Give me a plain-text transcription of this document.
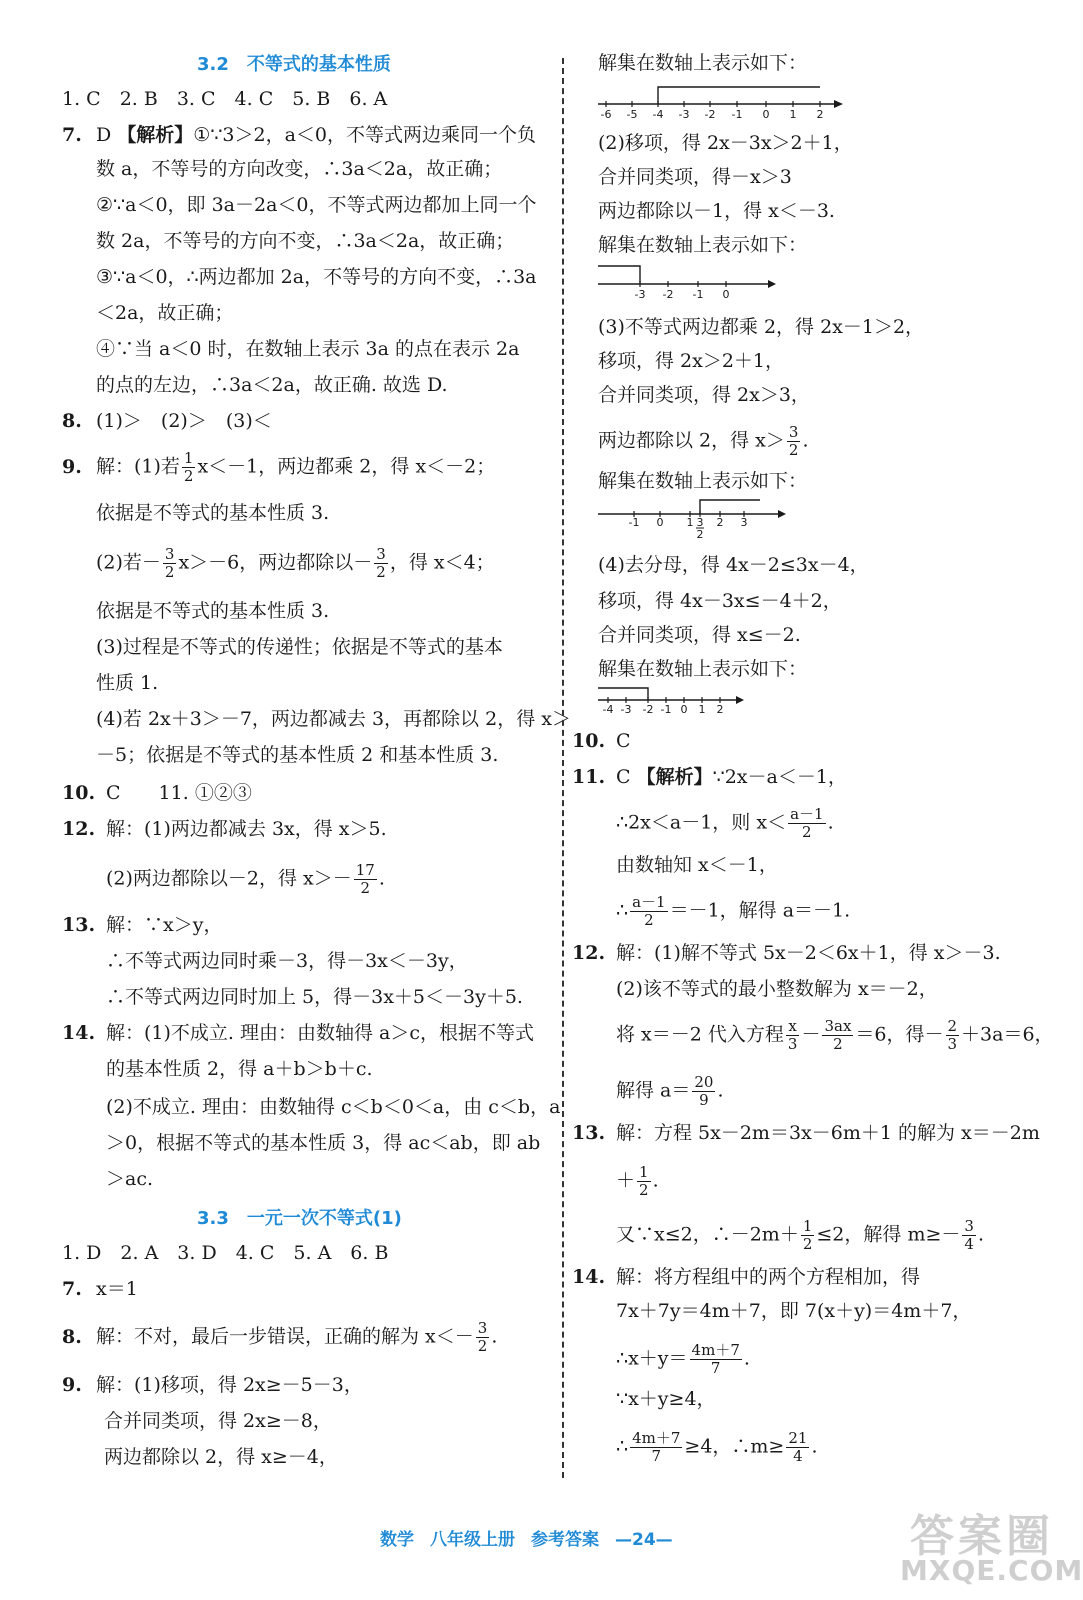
3.2　不等式的基本性质
1. C　2. B　3. C　4. C　5. B　6. A
7. D 【解析】①∵3＞2，a＜0，不等式两边乘同一个负
数 a，不等号的方向改变，∴3a＜2a，故正确；
②∵a＜0，即 3a－2a＜0，不等式两边都加上同一个
数 2a，不等号的方向不变，∴3a＜2a，故正确；
③∵a＜0，∴两边都加 2a，不等号的方向不变，∴3a
＜2a，故正确；
④∵当 a＜0 时，在数轴上表示 3a 的点在表示 2a
的点的左边，∴3a＜2a，故正确. 故选 D.
8. (1)＞　(2)＞　(3)＜
9. 解：(1)若 $\frac{1}{2} x<-1$，两边都乘 2，得 x＜－2；
依据是不等式的基本性质 3.
(2)若－ $\frac{3}{2} x>-6$，两边都除以－ $\frac{3}{2}$ ，得 x＜4；
依据是不等式的基本性质 3.
(3)过程是不等式的传递性；依据是不等式的基本
性质 1.
(4)若 2x＋3＞－7，两边都减去 3，再都除以 2，得 x＞
－5；依据是不等式的基本性质 2 和基本性质 3.
10. C　　11. ①②③
12. 解：(1)两边都减去 3x，得 x＞5.
(2)两边都除以－2，得 $x>- \frac{17}{2}$ .
13. 解：∵x＞y，
∴不等式两边同时乘－3，得－3x＜－3y，
∴不等式两边同时加上 5，得－3x＋5＜－3y＋5.
14. 解：(1)不成立. 理由：由数轴得 a＞c，根据不等式
的基本性质 2，得 a＋b＞b＋c.
(2)不成立. 理由：由数轴得 c＜b＜0＜a，由 c＜b，a
＞0，根据不等式的基本性质 3，得 ac＜ab，即 ab
＞ac.
3.3　一元一次不等式(1)
1. D　2. A　3. D　4. C　5. A　6. B
7. x＝1
8. 解：不对，最后一步错误，正确的解为 $x<- \frac{3}{2}$ .
9. 解：(1)移项，得 2x≥－5－3，
合并同类项，得 2x≥－8，
两边都除以 2，得 x≥－4，
解集在数轴上表示如下：
-6 -5 -4 -3 -2 -1 0 1 2
(2)移项，得 2x－3x＞2＋1，
合并同类项，得－x＞3
两边都除以－1，得 x＜－3.
解集在数轴上表示如下：
-3 -2 -1 0
(3)不等式两边都乘 2，得 2x－1＞2，
移项，得 2x＞2＋1，
合并同类项，得 2x＞3，
两边都除以 2，得 $x> \frac{3}{2}$ .
解集在数轴上表示如下：
-1 0 1 3 2 3
2
(4)去分母，得 4x－2≤3x－4，
移项，得 4x－3x≤－4＋2，
合并同类项，得 x≤－2.
解集在数轴上表示如下：
-4 -3 -2 -1 0 1 2
10. C
11. C 【解析】∵2x－a＜－1，
∴2x＜a－1，则 $x< \frac{a-1}{2}$ .
由数轴知 x＜－1，
∴ $\frac{a-1}{2} =-1$，解得 a＝－1.
12. 解：(1)解不等式 5x－2＜6x＋1，得 x＞－3.
(2)该不等式的最小整数解为 x＝－2，
将 x＝－2 代入方程 $\frac{x}{3} - \frac{3ax}{2} =6$，得－ $\frac{2}{3} +3a=6$，
解得 $a= \frac{20}{9}$ .
13. 解：方程 5x－2m＝3x－6m＋1 的解为 x＝－2m
＋ $\frac{1}{2}$ .
又∵x≤2，∴－2m＋ $\frac{1}{2} \le 2$，解得 $m\ge- \frac{3}{4}$ .
14. 解：将方程组中的两个方程相加，得
7x＋7y＝4m＋7，即 7(x＋y)＝4m＋7，
∴x＋y＝ $\frac{4m+7}{7}$ .
∵x＋y≥4，
∴ $\frac{4m+7}{7} \ge 4$，∴m≥ $\frac{21}{4}$ .
数学 八年级上册 参考答案 —24—	答案圈
MXQE.COM
